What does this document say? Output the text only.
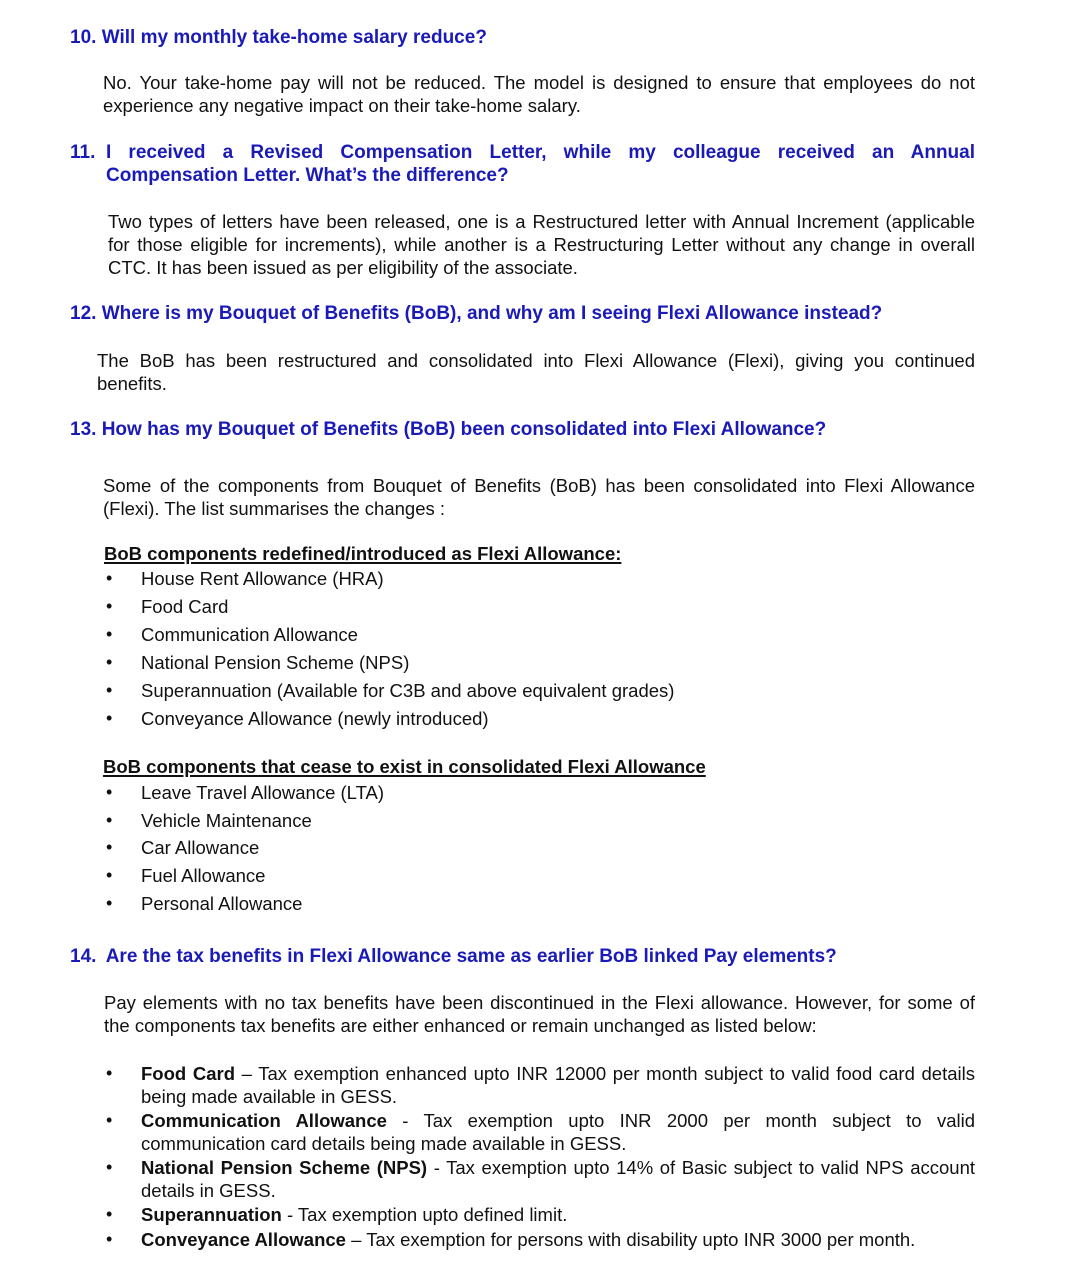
10. Will my monthly take-home salary reduce?

No. Your take-home pay will not be reduced. The model is designed to ensure that employees do not experience any negative impact on their take-home salary.

11. I received a Revised Compensation Letter, while my colleague received an Annual Compensation Letter. What’s the difference?

Two types of letters have been released, one is a Restructured letter with Annual Increment (applicable for those eligible for increments), while another is a Restructuring Letter without any change in overall CTC. It has been issued as per eligibility of the associate.

12. Where is my Bouquet of Benefits (BoB), and why am I seeing Flexi Allowance instead?

The BoB has been restructured and consolidated into Flexi Allowance (Flexi), giving you continued benefits.

13. How has my Bouquet of Benefits (BoB) been consolidated into Flexi Allowance?

Some of the components from Bouquet of Benefits (BoB) has been consolidated into Flexi Allowance (Flexi). The list summarises the changes :

BoB components redefined/introduced as Flexi Allowance:

• House Rent Allowance (HRA)
• Food Card
• Communication Allowance
• National Pension Scheme (NPS)
• Superannuation (Available for C3B and above equivalent grades)
• Conveyance Allowance (newly introduced)

BoB components that cease to exist in consolidated Flexi Allowance

• Leave Travel Allowance (LTA)
• Vehicle Maintenance
• Car Allowance
• Fuel Allowance
• Personal Allowance
14. Are the tax benefits in Flexi Allowance same as earlier BoB linked Pay elements?

Pay elements with no tax benefits have been discontinued in the Flexi allowance. However, for some of the components tax benefits are either enhanced or remain unchanged as listed below:

• Food Card – Tax exemption enhanced upto INR 12000 per month subject to valid food card details being made available in GESS.
• Communication Allowance - Tax exemption upto INR 2000 per month subject to valid communication card details being made available in GESS.
• National Pension Scheme (NPS) - Tax exemption upto 14% of Basic subject to valid NPS account details in GESS.
• Superannuation - Tax exemption upto defined limit.
• Conveyance Allowance – Tax exemption for persons with disability upto INR 3000 per month.
